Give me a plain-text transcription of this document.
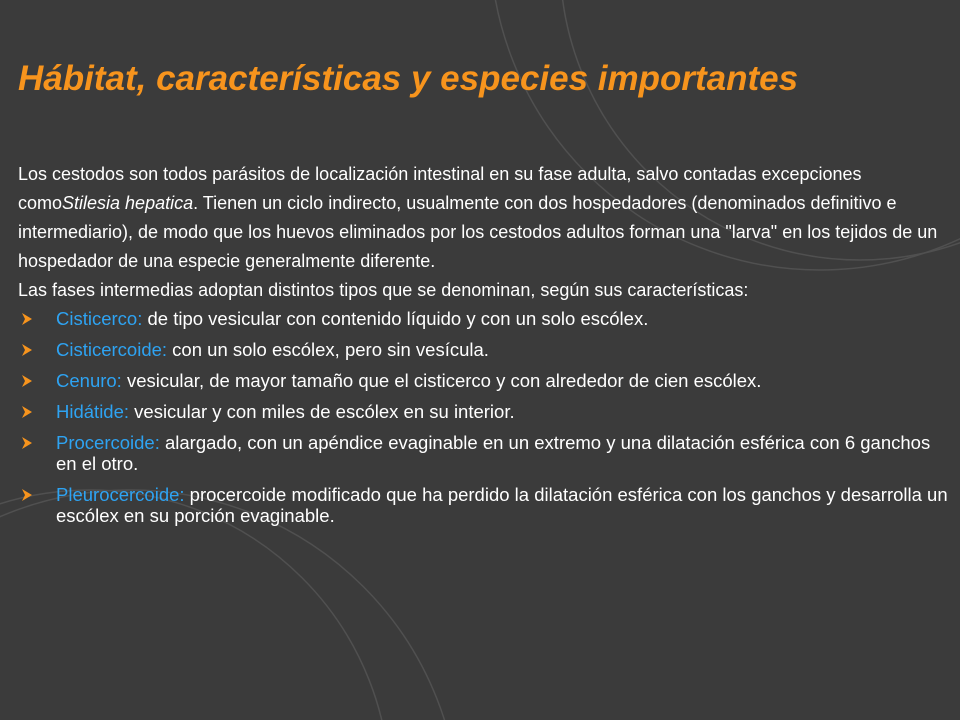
Hábitat, características y especies importantes

Los cestodos son todos parásitos de localización intestinal en su fase adulta, salvo contadas excepciones comoStilesia hepatica. Tienen un ciclo indirecto, usualmente con dos hospedadores (denominados definitivo e intermediario), de modo que los huevos eliminados por los cestodos adultos forman una "larva" en los tejidos de un hospedador de una especie generalmente diferente.

Las fases intermedias adoptan distintos tipos que se denominan, según sus características:

Cisticerco: de tipo vesicular con contenido líquido y con un solo escólex.
Cisticercoide: con un solo escólex, pero sin vesícula.
Cenuro: vesicular, de mayor tamaño que el cisticerco y con alrededor de cien escólex.
Hidátide: vesicular y con miles de escólex en su interior.
Procercoide: alargado, con un apéndice evaginable en un extremo y una dilatación esférica con 6 ganchos en el otro.
Pleurocercoide: procercoide modificado que ha perdido la dilatación esférica con los ganchos y desarrolla un escólex en su porción evaginable.
